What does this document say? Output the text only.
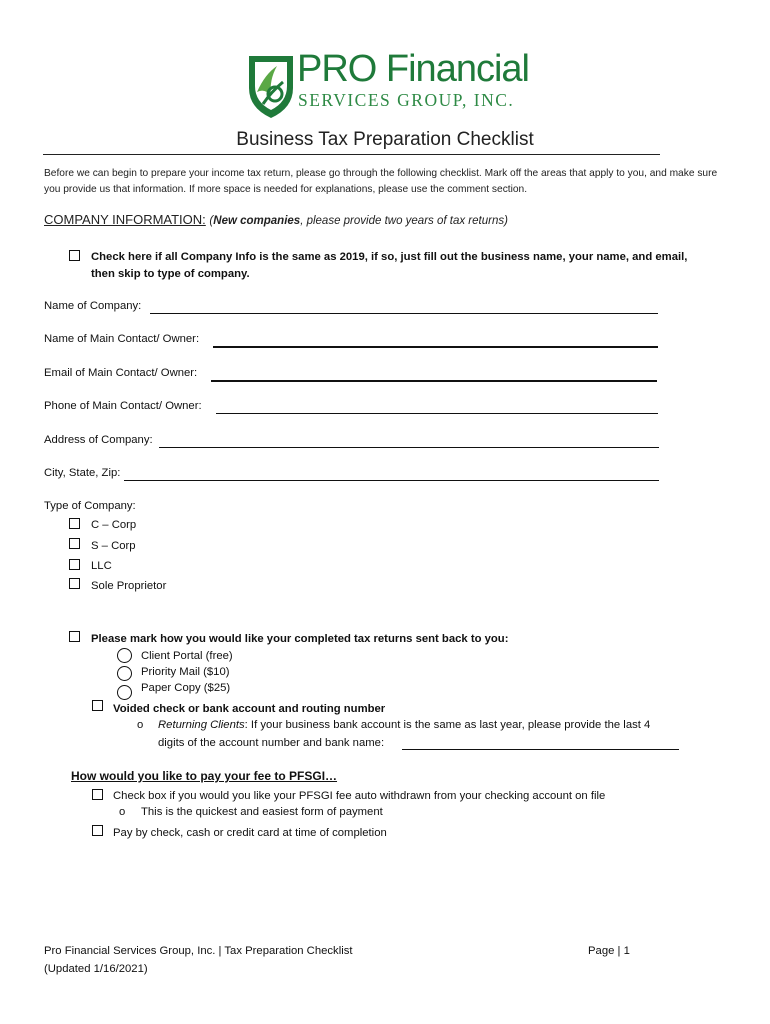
PRO Financial
SERVICES GROUP, INC.
Business Tax Preparation Checklist
Before we can begin to prepare your income tax return, please go through the following checklist. Mark off the areas that apply to you, and make sure you provide us that information. If more space is needed for explanations, please use the comment section.
COMPANY INFORMATION: (New companies, please provide two years of tax returns)
Check here if all Company Info is the same as 2019, if so, just fill out the business name, your name, and email,
then skip to type of company.
Name of Company:
Name of Main Contact/ Owner:
Email of Main Contact/ Owner:
Phone of Main Contact/ Owner:
Address of Company:
City, State, Zip:
Type of Company:
C – Corp
S – Corp
LLC
Sole Proprietor
Please mark how you would like your completed tax returns sent back to you:
Client Portal (free)
Priority Mail ($10)
Paper Copy ($25)
Voided check or bank account and routing number
o Returning Clients: If your business bank account is the same as last year, please provide the last 4
digits of the account number and bank name:
How would you like to pay your fee to PFSGI…
Check box if you would you like your PFSGI fee auto withdrawn from your checking account on file
o This is the quickest and easiest form of payment
Pay by check, cash or credit card at time of completion
Pro Financial Services Group, Inc. | Tax Preparation Checklist
(Updated 1/16/2021)
Page | 1
